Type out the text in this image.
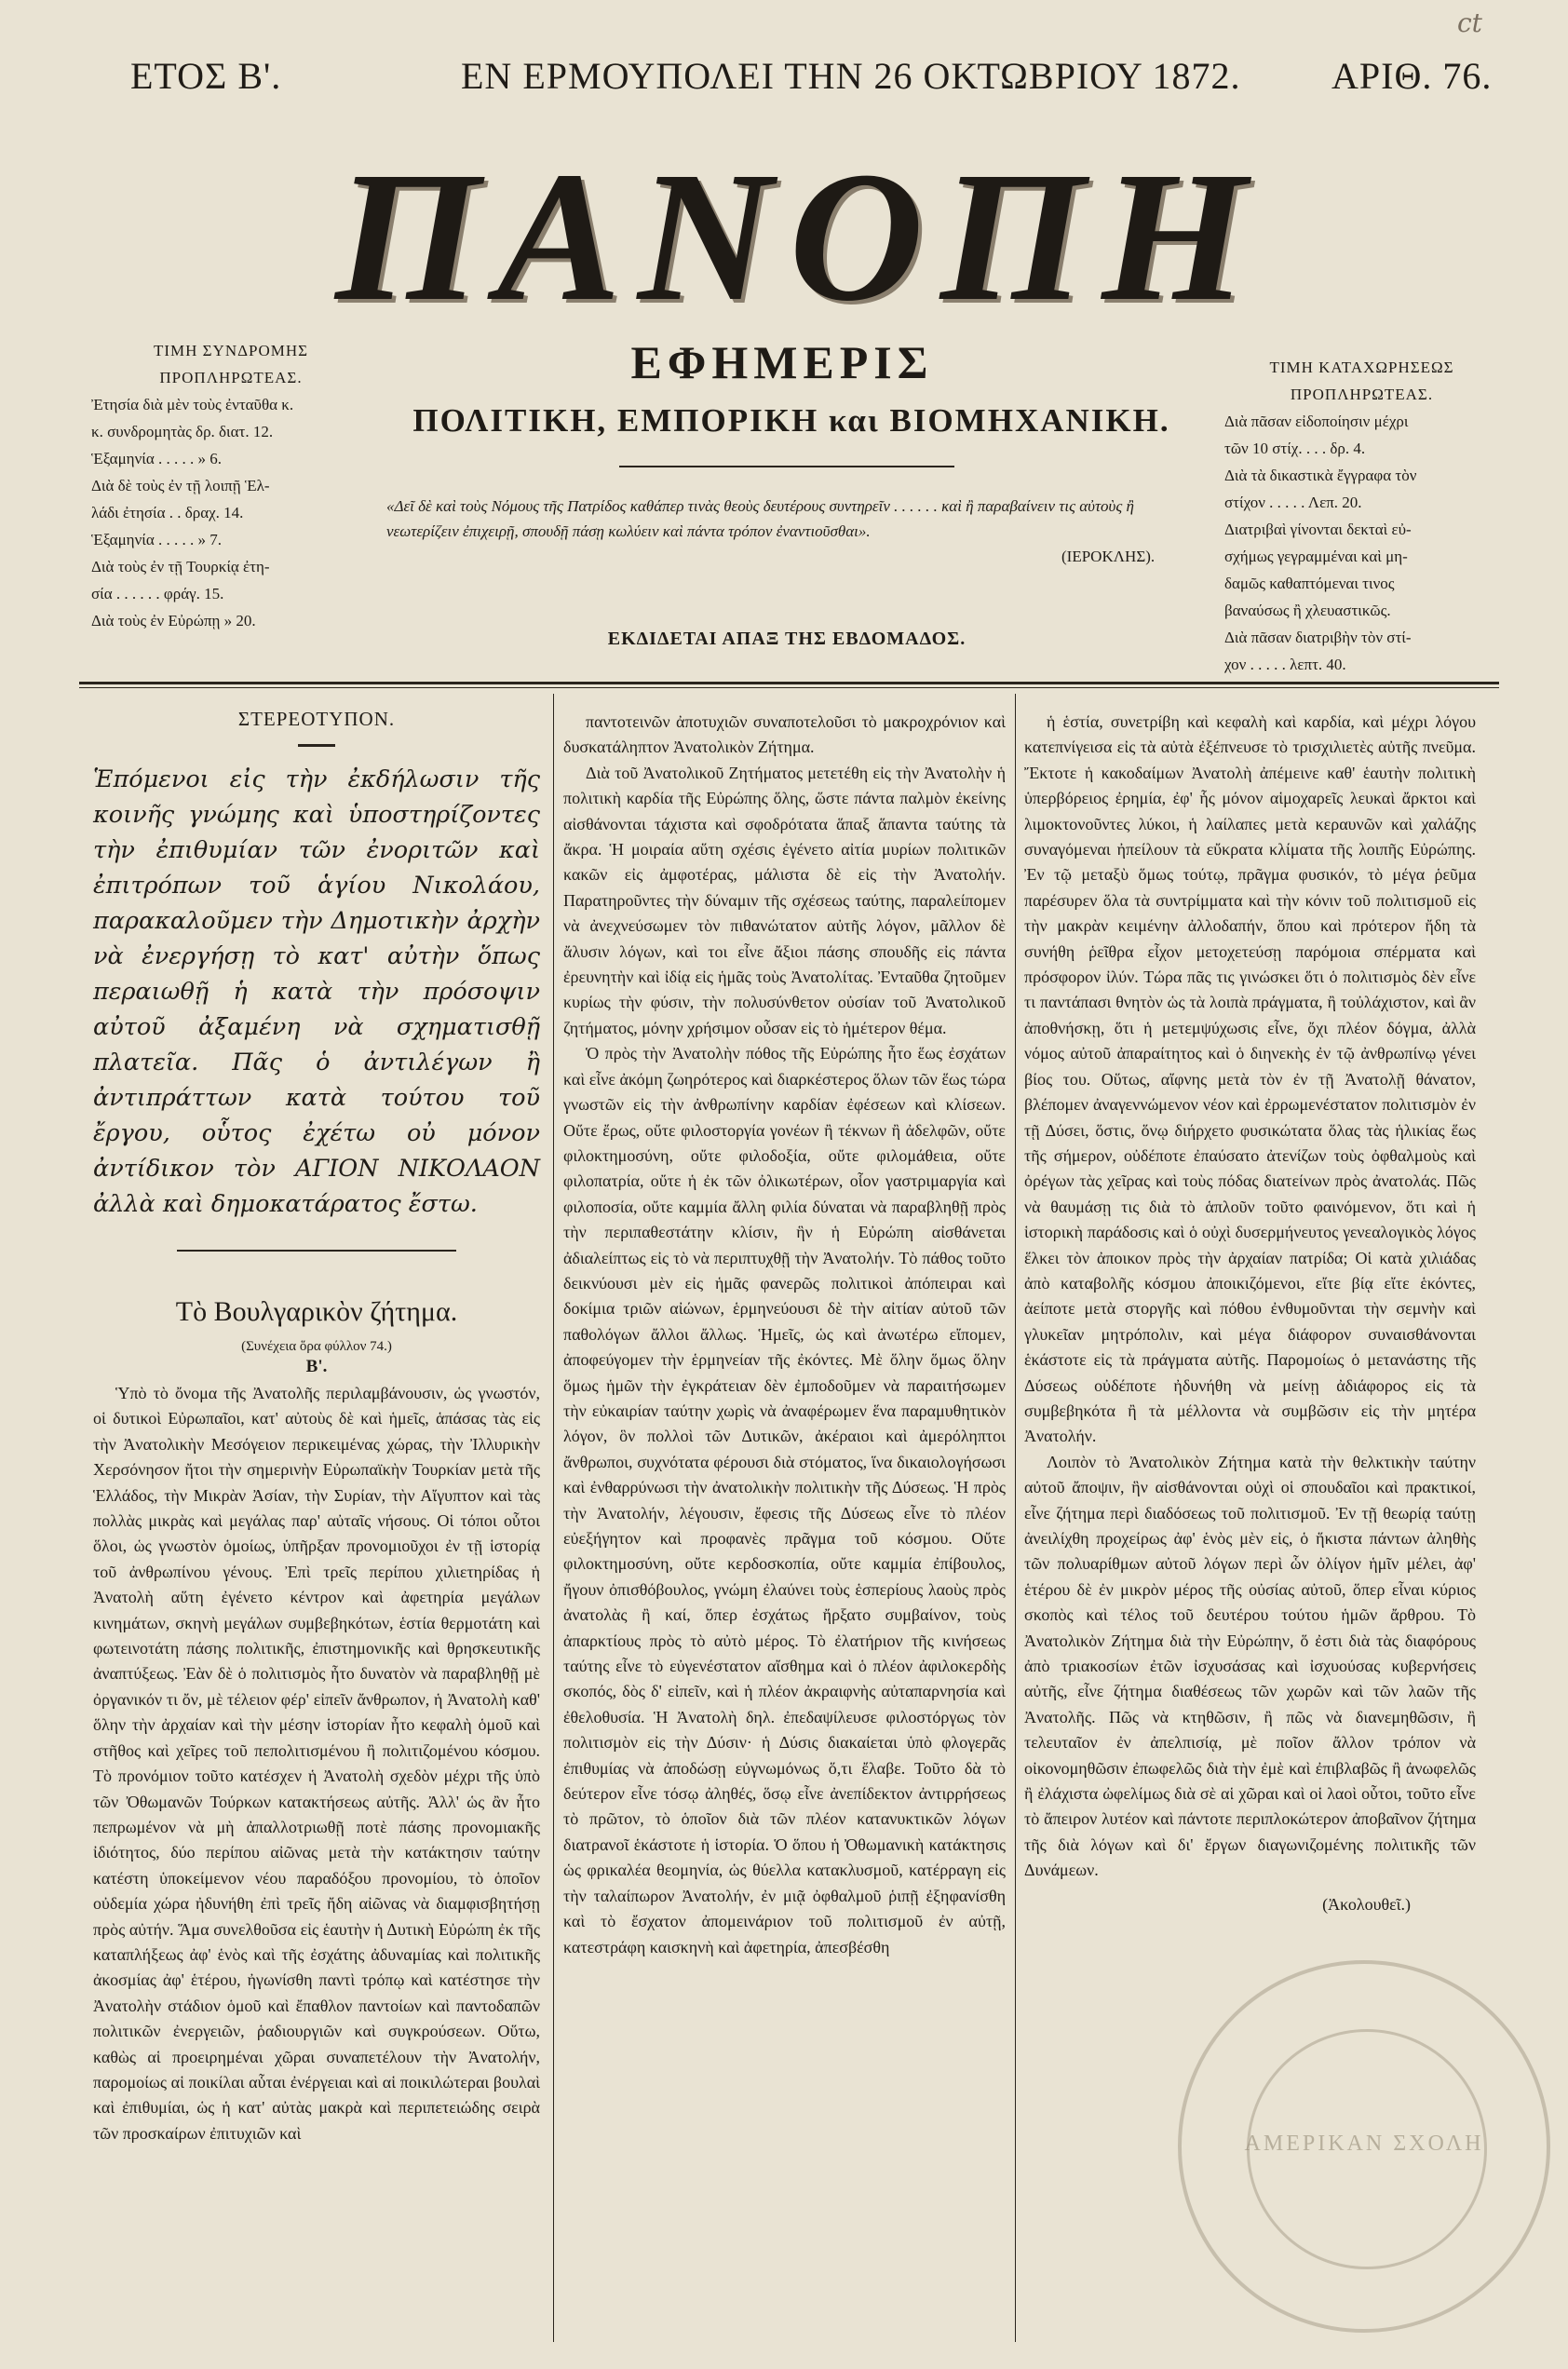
ΕΤΟΣ Β'.	ΕΝ ΕΡΜΟΥΠΟΛΕΙ ΤΗΝ 26 ΟΚΤΩΒΡΙΟΥ 1872. ΑΡΙΘ. 76.
ct
ΠΑΝΟΠΗ
ΤΙΜΗ ΣΥΝΔΡΟΜΗΣ
ΠΡΟΠΛΗΡΩΤΕΑΣ.
Ἐτησία διὰ μὲν τοὺς ἐνταῦθα κ.
κ. συνδρομητὰς δρ. διατ. 12.
Ἑξαμηνία . . . . . » 6.
Διὰ δὲ τοὺς ἐν τῇ λοιπῇ Ἑλ-
λάδι ἐτησία . . δραχ. 14.
Ἑξαμηνία . . . . . » 7.
Διὰ τοὺς ἐν τῇ Τουρκίᾳ ἐτη-
σία . . . . . . φράγ. 15.
Διὰ τοὺς ἐν Εὐρώπῃ » 20.
ΕΦΗΜΕΡΙΣ
ΠΟΛΙΤΙΚΗ, ΕΜΠΟΡΙΚΗ και ΒΙΟΜΗΧΑΝΙΚΗ.
«Δεῖ δὲ καὶ τοὺς Νόμους τῆς Πατρίδος καθάπερ τινὰς θεοὺς δευτέρους συντηρεῖν . . . . . . καὶ ἢ παραβαίνειν τις αὐτοὺς ἢ νεωτερίζειν ἐπιχειρῇ, σπουδῇ πάσῃ κωλύειν καὶ πάντα τρόπον ἐναντιοῦσθαι».
(ΙΕΡΟΚΛΗΣ).
ΕΚΔΙΔΕΤΑΙ ΑΠΑΞ ΤΗΣ ΕΒΔΟΜΑΔΟΣ.
ΤΙΜΗ ΚΑΤΑΧΩΡΗΣΕΩΣ
ΠΡΟΠΛΗΡΩΤΕΑΣ.
Διὰ πᾶσαν εἰδοποίησιν μέχρι
τῶν 10 στίχ. . . . δρ. 4.
Διὰ τὰ δικαστικὰ ἔγγραφα τὸν
στίχον . . . . . Λεπ. 20.
Διατριβαὶ γίνονται δεκταὶ εὐ-
σχήμως γεγραμμέναι καὶ μη-
δαμῶς καθαπτόμεναι τινος
βαναύσως ἢ χλευαστικῶς.
Διὰ πᾶσαν διατριβὴν τὸν στί-
χον . . . . . λεπτ. 40.
ΣΤΕΡΕΟΤΥΠΟΝ.
Ἑπόμενοι εἰς τὴν ἐκδήλωσιν τῆς κοινῆς γνώμης καὶ ὑποστηρίζοντες τὴν ἐπιθυμίαν τῶν ἐνοριτῶν καὶ ἐπιτρόπων τοῦ ἁγίου Νικολάου, παρακαλοῦμεν τὴν Δημοτικὴν ἀρχὴν νὰ ἐνεργήσῃ τὸ κατ' αὐτὴν ὅπως περαιωθῇ ἡ κατὰ τὴν πρόσοψιν αὐτοῦ ἀξαμένη νὰ σχηματισθῇ πλατεῖα. Πᾶς ὁ ἀντιλέγων ἢ ἀντιπράττων κατὰ τούτου τοῦ ἔργου, οὗτος ἐχέτω οὐ μόνον ἀντίδικον τὸν ΑΓΙΟΝ ΝΙΚΟΛΑΟΝ ἀλλὰ καὶ δημοκατάρατος ἔστω.
Τὸ Βουλγαρικὸν ζήτημα.
(Συνέχεια ὅρα φύλλον 74.)
Β'.

Ὑπὸ τὸ ὄνομα τῆς Ἀνατολῆς περιλαμβάνουσιν, ὡς γνωστόν, οἱ δυτικοὶ Εὐρωπαῖοι, κατ' αὐτοὺς δὲ καὶ ἡμεῖς, ἁπάσας τὰς εἰς τὴν Ἀνατολικὴν Μεσόγειον περικειμένας χώρας, τὴν Ἰλλυρικὴν Χερσόνησον ἤτοι τὴν σημερινὴν Εὐρωπαϊκὴν Τουρκίαν μετὰ τῆς Ἑλλάδος, τὴν Μικρὰν Ἀσίαν, τὴν Συρίαν, τὴν Αἴγυπτον καὶ τὰς πολλὰς μικρὰς καὶ μεγάλας παρ' αὐταῖς νήσους. Οἱ τόποι οὗτοι ὅλοι, ὡς γνωστὸν ὁμοίως, ὑπῆρξαν προνομιοῦχοι ἐν τῇ ἱστορίᾳ τοῦ ἀνθρωπίνου γένους. Ἐπὶ τρεῖς περίπου χιλιετηρίδας ἡ Ἀνατολὴ αὕτη ἐγένετο κέντρον καὶ ἀφετηρία μεγάλων κινημάτων, σκηνὴ μεγάλων συμβεβηκότων, ἑστία θερμοτάτη καὶ φωτεινοτάτη πάσης πολιτικῆς, ἐπιστημονικῆς καὶ θρησκευτικῆς ἀναπτύξεως. Ἐὰν δὲ ὁ πολιτισμὸς ἦτο δυνατὸν νὰ παραβληθῇ μὲ ὀργανικόν τι ὄν, μὲ τέλειον φέρ' εἰπεῖν ἄνθρωπον, ἡ Ἀνατολὴ καθ' ὅλην τὴν ἀρχαίαν καὶ τὴν μέσην ἱστορίαν ἦτο κεφαλὴ ὁμοῦ καὶ στῆθος καὶ χεῖρες τοῦ πεπολιτισμένου ἢ πολιτιζομένου κόσμου. Τὸ προνόμιον τοῦτο κατέσχεν ἡ Ἀνατολὴ σχεδὸν μέχρι τῆς ὑπὸ τῶν Ὀθωμανῶν Τούρκων κατακτήσεως αὐτῆς. Ἀλλ' ὡς ἂν ἦτο πεπρωμένον νὰ μὴ ἀπαλλοτριωθῇ ποτὲ πάσης προνομιακῆς ἰδιότητος, δύο περίπου αἰῶνας μετὰ τὴν κατάκτησιν ταύτην κατέστη ὑποκείμενον νέου παραδόξου προνομίου, τὸ ὁποῖον οὐδεμία χώρα ἠδυνήθη ἐπὶ τρεῖς ἤδη αἰῶνας νὰ διαμφισβητήσῃ πρὸς αὐτήν. Ἅμα συνελθοῦσα εἰς ἑαυτὴν ἡ Δυτικὴ Εὐρώπη ἐκ τῆς καταπλήξεως ἀφ' ἑνὸς καὶ τῆς ἐσχάτης ἀδυναμίας καὶ πολιτικῆς ἀκοσμίας ἀφ' ἑτέρου, ἠγωνίσθη παντὶ τρόπῳ καὶ κατέστησε τὴν Ἀνατολὴν στάδιον ὁμοῦ καὶ ἔπαθλον παντοίων καὶ παντοδαπῶν πολιτικῶν ἐνεργειῶν, ῥαδιουργιῶν καὶ συγκρούσεων. Οὕτω, καθὼς αἱ προειρημέναι χῶραι συναπετέλουν τὴν Ἀνατολήν, παρομοίως αἱ ποικίλαι αὗται ἐνέργειαι καὶ αἱ ποικιλώτεραι βουλαὶ καὶ ἐπιθυμίαι, ὡς ἡ κατ' αὐτὰς μακρὰ καὶ περιπετειώδης σειρὰ τῶν προσκαίρων ἐπιτυχιῶν καὶ

παντοτεινῶν ἀποτυχιῶν συναποτελοῦσι τὸ μακροχρόνιον καὶ δυσκατάληπτον Ἀνατολικὸν Ζήτημα.

Διὰ τοῦ Ἀνατολικοῦ Ζητήματος μετετέθη εἰς τὴν Ἀνατολὴν ἡ πολιτικὴ καρδία τῆς Εὐρώπης ὅλης, ὥστε πάντα παλμὸν ἐκείνης αἰσθάνονται τάχιστα καὶ σφοδρότατα ἅπαξ ἅπαντα ταύτης τὰ ἄκρα. Ἡ μοιραία αὕτη σχέσις ἐγένετο αἰτία μυρίων πολιτικῶν κακῶν εἰς ἀμφοτέρας, μάλιστα δὲ εἰς τὴν Ἀνατολήν. Παρατηροῦντες τὴν δύναμιν τῆς σχέσεως ταύτης, παραλείπομεν νὰ ἀνεχνεύσωμεν τὸν πιθανώτατον αὐτῆς λόγον, μᾶλλον δὲ ἄλυσιν λόγων, καὶ τοι εἶνε ἄξιοι πάσης σπουδῆς εἰς πάντα ἐρευνητὴν καὶ ἰδίᾳ εἰς ἡμᾶς τοὺς Ἀνατολίτας. Ἐνταῦθα ζητοῦμεν κυρίως τὴν φύσιν, τὴν πολυσύνθετον οὐσίαν τοῦ Ἀνατολικοῦ ζητήματος, μόνην χρήσιμον οὖσαν εἰς τὸ ἡμέτερον θέμα.

Ὁ πρὸς τὴν Ἀνατολὴν πόθος τῆς Εὐρώπης ἦτο ἕως ἐσχάτων καὶ εἶνε ἀκόμη ζωηρότερος καὶ διαρκέστερος ὅλων τῶν ἕως τώρα γνωστῶν εἰς τὴν ἀνθρωπίνην καρδίαν ἐφέσεων καὶ κλίσεων. Οὔτε ἔρως, οὔτε φιλοστοργία γονέων ἢ τέκνων ἢ ἀδελφῶν, οὔτε φιλοκτημοσύνη, οὔτε φιλοδοξία, οὔτε φιλομάθεια, οὔτε φιλοπατρία, οὔτε ἡ ἐκ τῶν ὀλικωτέρων, οἷον γαστριμαργία καὶ φιλοποσία, οὔτε καμμία ἄλλη φιλία δύναται νὰ παραβληθῇ πρὸς τὴν περιπαθεστάτην κλίσιν, ἣν ἡ Εὐρώπη αἰσθάνεται ἀδιαλείπτως εἰς τὸ νὰ περιπτυχθῇ τὴν Ἀνατολήν. Τὸ πάθος τοῦτο δεικνύουσι μὲν εἰς ἡμᾶς φανερῶς πολιτικοὶ ἀπόπειραι καὶ δοκίμια τριῶν αἰώνων, ἑρμηνεύουσι δὲ τὴν αἰτίαν αὐτοῦ τῶν παθολόγων ἄλλοι ἄλλως. Ἡμεῖς, ὡς καὶ ἀνωτέρω εἴπομεν, ἀποφεύγομεν τὴν ἑρμηνείαν τῆς ἐκόντες. Μὲ ὅλην ὅμως ὅλην ὅμως ἡμῶν τὴν ἐγκράτειαν δὲν ἐμποδοῦμεν νὰ παραιτήσωμεν τὴν εὐκαιρίαν ταύτην χωρὶς νὰ ἀναφέρωμεν ἕνα παραμυθητικὸν λόγον, ὃν πολλοὶ τῶν Δυτικῶν, ἀκέραιοι καὶ ἀμερόληπτοι ἄνθρωποι, συχνότατα φέρουσι διὰ στόματος, ἵνα δικαιολογήσωσι καὶ ἐνθαρρύνωσι τὴν ἀνατολικὴν πολιτικὴν τῆς Δύσεως. Ἡ πρὸς τὴν Ἀνατολήν, λέγουσιν, ἔφεσις τῆς Δύσεως εἶνε τὸ πλέον εὐεξήγητον καὶ προφανὲς πρᾶγμα τοῦ κόσμου. Οὔτε φιλοκτημοσύνη, οὔτε κερδοσκοπία, οὔτε καμμία ἐπίβουλος, ἤγουν ὀπισθόβουλος, γνώμη ἐλαύνει τοὺς ἑσπερίους λαοὺς πρὸς ἀνατολὰς ἢ καί, ὅπερ ἐσχάτως ἤρξατο συμβαίνον, τοὺς ἀπαρκτίους πρὸς τὸ αὐτὸ μέρος. Τὸ ἐλατήριον τῆς κινήσεως ταύτης εἶνε τὸ εὐγενέστατον αἴσθημα καὶ ὁ πλέον ἀφιλοκερδὴς σκοπός, δὸς δ' εἰπεῖν, καὶ ἡ πλέον ἀκραιφνὴς αὐταπαρνησία καὶ ἐθελοθυσία. Ἡ Ἀνατολὴ δηλ. ἐπεδαψίλευσε φιλοστόργως τὸν πολιτισμὸν εἰς τὴν Δύσιν· ἡ Δύσις διακαίεται ὑπὸ φλογερᾶς ἐπιθυμίας νὰ ἀποδώσῃ εὐγνωμόνως ὅ,τι ἔλαβε. Τοῦτο δὰ τὸ δεύτερον εἶνε τόσῳ ἀληθές, ὅσῳ εἶνε ἀνεπίδεκτον ἀντιρρήσεως τὸ πρῶτον, τὸ ὁποῖον διὰ τῶν πλέον κατανυκτικῶν λόγων διατρανοῖ ἑκάστοτε ἡ ἱστορία. Ὁ ὅπου ἡ Ὀθωμανικὴ κατάκτησις ὡς φρικαλέα θεομηνία, ὡς θύελλα κατακλυσμοῦ, κατέρραγη εἰς τὴν ταλαίπωρον Ἀνατολήν, ἐν μιᾷ ὀφθαλμοῦ ῥιπῇ ἐξηφανίσθη καὶ τὸ ἔσχατον ἀπομεινάριον τοῦ πολιτισμοῦ ἐν αὐτῇ, κατεστράφη καισκηνὴ καὶ ἀφετηρία, ἀπεσβέσθη

ἡ ἑστία, συνετρίβη καὶ κεφαλὴ καὶ καρδία, καὶ μέχρι λόγου κατεπνίγεισα εἰς τὰ αὐτὰ ἐξέπνευσε τὸ τρισχιλιετὲς αὐτῆς πνεῦμα. Ἔκτοτε ἡ κακοδαίμων Ἀνατολὴ ἀπέμεινε καθ' ἑαυτὴν πολιτικὴ ὑπερβόρειος ἐρημία, ἐφ' ἧς μόνον αἱμοχαρεῖς λευκαὶ ἄρκτοι καὶ λιμοκτονοῦντες λύκοι, ἡ λαίλαπες μετὰ κεραυνῶν καὶ χαλάζης συναγόμεναι ἠπείλουν τὰ εὔκρατα κλίματα τῆς λοιπῆς Εὐρώπης. Ἐν τῷ μεταξὺ ὅμως τούτῳ, πρᾶγμα φυσικόν, τὸ μέγα ῥεῦμα παρέσυρεν ὅλα τὰ συντρίμματα καὶ τὴν κόνιν τοῦ πολιτισμοῦ εἰς τὴν μακρὰν κειμένην ἀλλοδαπήν, ὅπου καὶ πρότερον ἤδη τὰ συνήθη ῥεῖθρα εἶχον μετοχετεύσῃ παρόμοια σπέρματα καὶ πρόσφορον ἰλύν. Τώρα πᾶς τις γινώσκει ὅτι ὁ πολιτισμὸς δὲν εἶνε τι παντάπασι θνητὸν ὡς τὰ λοιπὰ πράγματα, ἢ τοὐλάχιστον, καὶ ἂν ἀποθνήσκῃ, ὅτι ἡ μετεμψύχωσις εἶνε, ὄχι πλέον δόγμα, ἀλλὰ νόμος αὐτοῦ ἀπαραίτητος καὶ ὁ διηνεκὴς ἐν τῷ ἀνθρωπίνῳ γένει βίος του. Οὕτως, αἴφνης μετὰ τὸν ἐν τῇ Ἀνατολῇ θάνατον, βλέπομεν ἀναγεννώμενον νέον καὶ ἐρρωμενέστατον πολιτισμὸν ἐν τῇ Δύσει, ὅστις, ὅνῳ διήρχετο φυσικώτατα ὅλας τὰς ἡλικίας ἕως τῆς σήμερον, οὐδέποτε ἐπαύσατο ἀτενίζων τοὺς ὀφθαλμοὺς καὶ ὀρέγων τὰς χεῖρας καὶ τοὺς πόδας διατείνων πρὸς ἀνατολάς. Πῶς νὰ θαυμάσῃ τις διὰ τὸ ἁπλοῦν τοῦτο φαινόμενον, ὅτι καὶ ἡ ἱστορικὴ παράδοσις καὶ ὁ οὐχὶ δυσερμήνευτος γενεαλογικὸς λόγος ἕλκει τὸν ἀποικον πρὸς τὴν ἀρχαίαν πατρίδα; Οἱ κατὰ χιλιάδας ἀπὸ καταβολῆς κόσμου ἀποικιζόμενοι, εἴτε βίᾳ εἴτε ἑκόντες, ἀείποτε μετὰ στοργῆς καὶ πόθου ἐνθυμοῦνται τὴν σεμνὴν καὶ γλυκεῖαν μητρόπολιν, καὶ μέγα διάφορον συναισθάνονται ἑκάστοτε εἰς τὰ πράγματα αὐτῆς. Παρομοίως ὁ μετανάστης τῆς Δύσεως οὐδέποτε ἠδυνήθη νὰ μείνῃ ἀδιάφορος εἰς τὰ συμβεβηκότα ἢ τὰ μέλλοντα νὰ συμβῶσιν εἰς τὴν μητέρα Ἀνατολήν.

Λοιπὸν τὸ Ἀνατολικὸν Ζήτημα κατὰ τὴν θελκτικὴν ταύτην αὐτοῦ ἄποψιν, ἣν αἰσθάνονται οὐχὶ οἱ σπουδαῖοι καὶ πρακτικοί, εἶνε ζήτημα περὶ διαδόσεως τοῦ πολιτισμοῦ. Ἐν τῇ θεωρίᾳ ταύτῃ ἀνειλίχθη προχείρως ἀφ' ἑνὸς μὲν εἰς, ὁ ἥκιστα πάντων ἀληθὴς τῶν πολυαρίθμων αὐτοῦ λόγων περὶ ὧν ὀλίγον ἡμῖν μέλει, ἀφ' ἑτέρου δὲ ἐν μικρὸν μέρος τῆς οὐσίας αὐτοῦ, ὅπερ εἶναι κύριος σκοπὸς καὶ τέλος τοῦ δευτέρου τούτου ἡμῶν ἄρθρου. Τὸ Ἀνατολικὸν Ζήτημα διὰ τὴν Εὐρώπην, ὅ ἐστι διὰ τὰς διαφόρους ἀπὸ τριακοσίων ἐτῶν ἰσχυσάσας καὶ ἰσχυούσας κυβερνήσεις αὐτῆς, εἶνε ζήτημα διαθέσεως τῶν χωρῶν καὶ τῶν λαῶν τῆς Ἀνατολῆς. Πῶς νὰ κτηθῶσιν, ἢ πῶς νὰ διανεμηθῶσιν, ἢ τελευταῖον ἐν ἀπελπισίᾳ, μὲ ποῖον ἄλλον τρόπον νὰ οἰκονομηθῶσιν ἐπωφελῶς διὰ τὴν ἐμὲ καὶ ἐπιβλαβῶς ἢ ἀνωφελῶς ἢ ἐλάχιστα ὠφελίμως διὰ σὲ αἱ χῶραι καὶ οἱ λαοὶ οὗτοι, τοῦτο εἶνε τὸ ἄπειρον λυτέον καὶ πάντοτε περιπλοκώτερον ἀποβαῖνον ζήτημα τῆς διὰ λόγων καὶ δι' ἔργων διαγωνιζομένης πολιτικῆς τῶν Δυνάμεων.

(Ἀκολουθεῖ.)
ΑΜΕΡΙΚΑΝ ΣΧΟΛΗ
